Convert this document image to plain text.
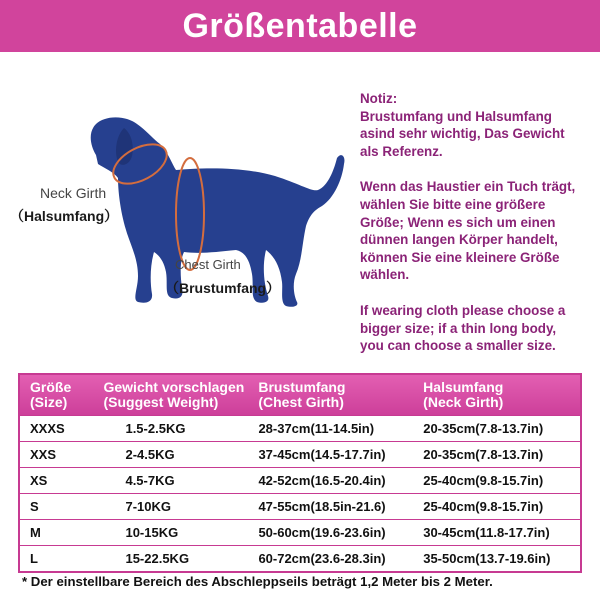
Größentabelle
Neck Girth
（Halsumfang）
Chest Girth
（Brustumfang）

Notiz:
Brustumfang und Halsumfang
asind sehr wichtig, Das Gewicht
als Referenz.

Wenn das Haustier ein Tuch trägt,
wählen Sie bitte eine größere
Größe; Wenn es sich um einen
dünnen langen Körper handelt,
können Sie eine kleinere Größe
wählen.

If wearing cloth please choose a
bigger size; if a thin long body,
you can choose a smaller size.

Größe
(Size)
Gewicht vorschlagen
(Suggest Weight)
Brustumfang
(Chest Girth)
Halsumfang
(Neck Girth)
XXXS	1.5-2.5KG	28-37cm(11-14.5in)	20-35cm(7.8-13.7in)
XXS	2-4.5KG	37-45cm(14.5-17.7in)	20-35cm(7.8-13.7in)
XS	4.5-7KG	42-52cm(16.5-20.4in)	25-40cm(9.8-15.7in)
S	7-10KG	47-55cm(18.5in-21.6)	25-40cm(9.8-15.7in)
M	10-15KG	50-60cm(19.6-23.6in)	30-45cm(11.8-17.7in)
L	15-22.5KG	60-72cm(23.6-28.3in)	35-50cm(13.7-19.6in)
* Der einstellbare Bereich des Abschleppseils beträgt 1,2 Meter bis 2 Meter.
